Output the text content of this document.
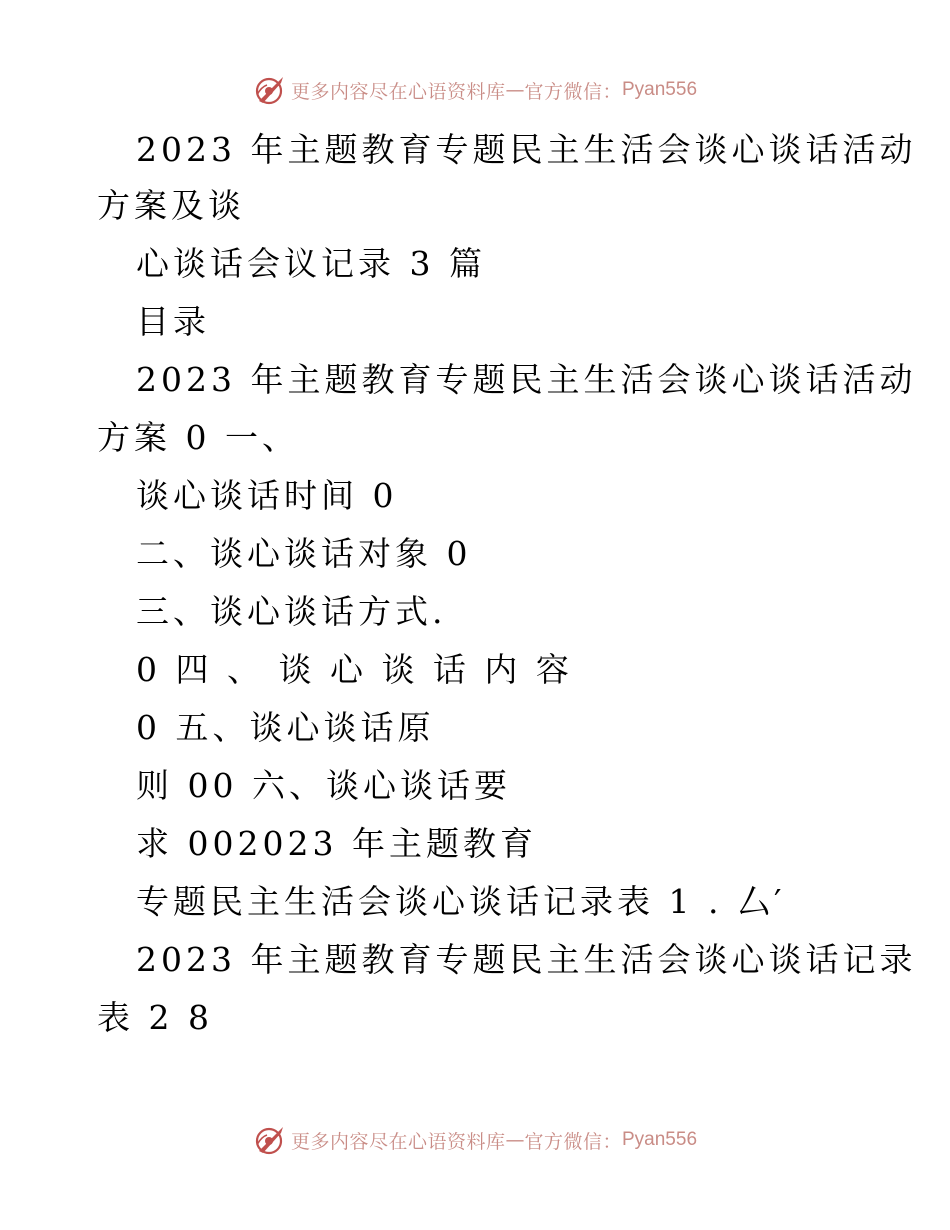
更多内容尽在心语资料库 — 官方微信： Pyan556
2023 年主题教育专题民主生活会谈心谈话活动
方案及谈
心谈话会议记录 3 篇
目录
2023 年主题教育专题民主生活会谈心谈话活动
方案 0 一、
谈心谈话时间 0
二、谈心谈话对象 0
三、谈心谈话方式.
0 四 、 谈 心 谈 话 内 容
0 五、谈心谈话原
则 00 六、谈心谈话要
求 002023 年主题教育
专题民主生活会谈心谈话记录表 1 . 厶′
2023 年主题教育专题民主生活会谈心谈话记录
表 2 8
更多内容尽在心语资料库 — 官方微信： Pyan556
